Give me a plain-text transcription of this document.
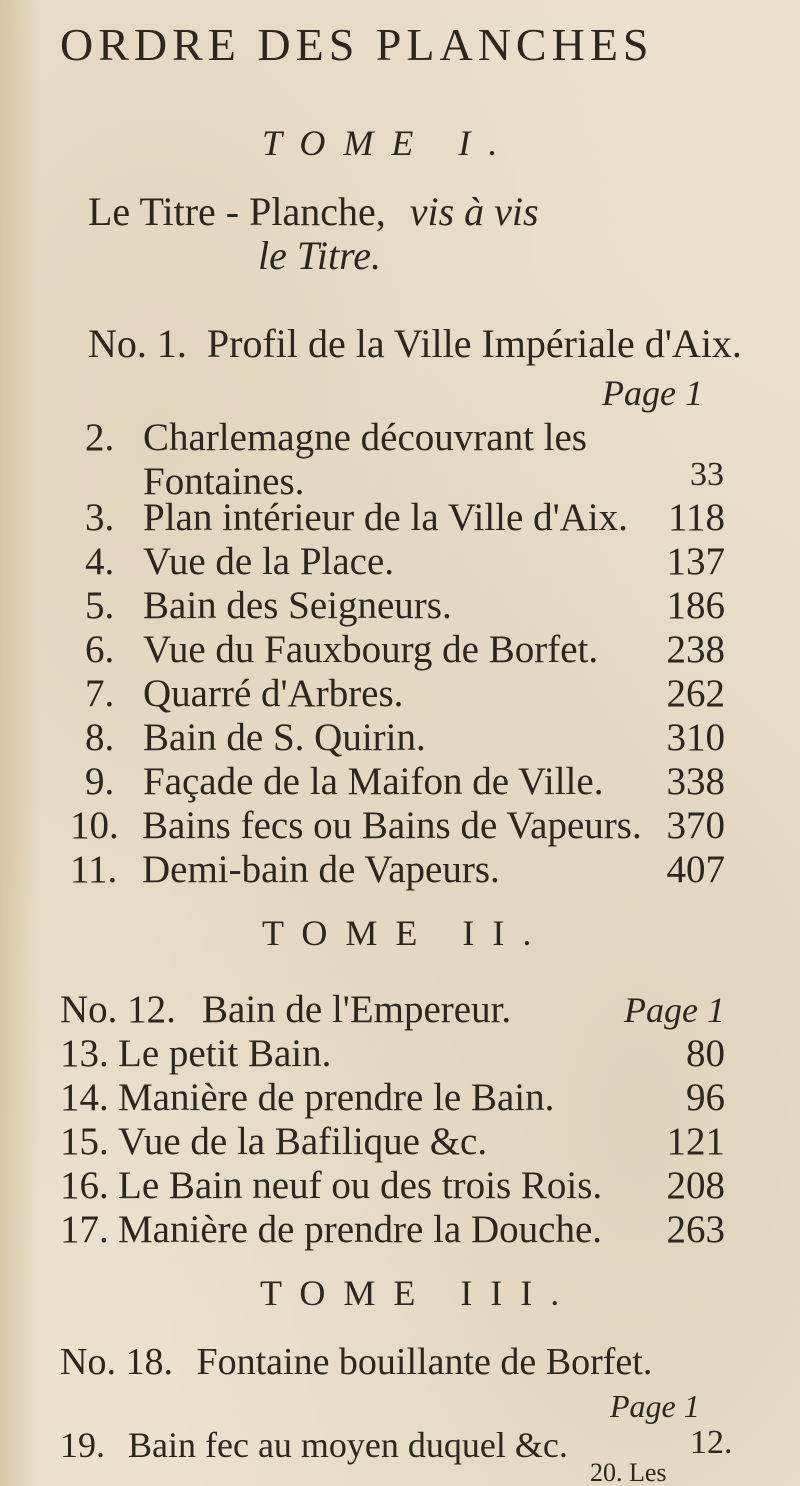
ORDRE DES PLANCHES
TOME I.
Le Titre - Planche, vis à vis
le Titre.
No. 1. Profil de la Ville Impériale d'Aix.
Page 1
2. Charlemagne découvrant les Fontaines.	33
3. Plan intérieur de la Ville d'Aix. 118
4. Vue de la Place.	137
5. Bain des Seigneurs.	186
6. Vue du Fauxbourg de Borfet. 238
7. Quarré d'Arbres.	262
8. Bain de S. Quirin.	310
9. Façade de la Maifon de Ville. 338
10. Bains fecs ou Bains de Vapeurs. 370
11. Demi-bain de Vapeurs.	407
TOME II.
No. 12. Bain de l'Empereur.	Page 1
13. Le petit Bain.	80
14. Manière de prendre le Bain.	96
15. Vue de la Bafilique &c.	121
16. Le Bain neuf ou des trois Rois. 208
17. Manière de prendre la Douche. 263
TOME III.
No. 18. Fontaine bouillante de Borfet.
Page 1
19. Bain fec au moyen duquel &c.	12.
20. Les
